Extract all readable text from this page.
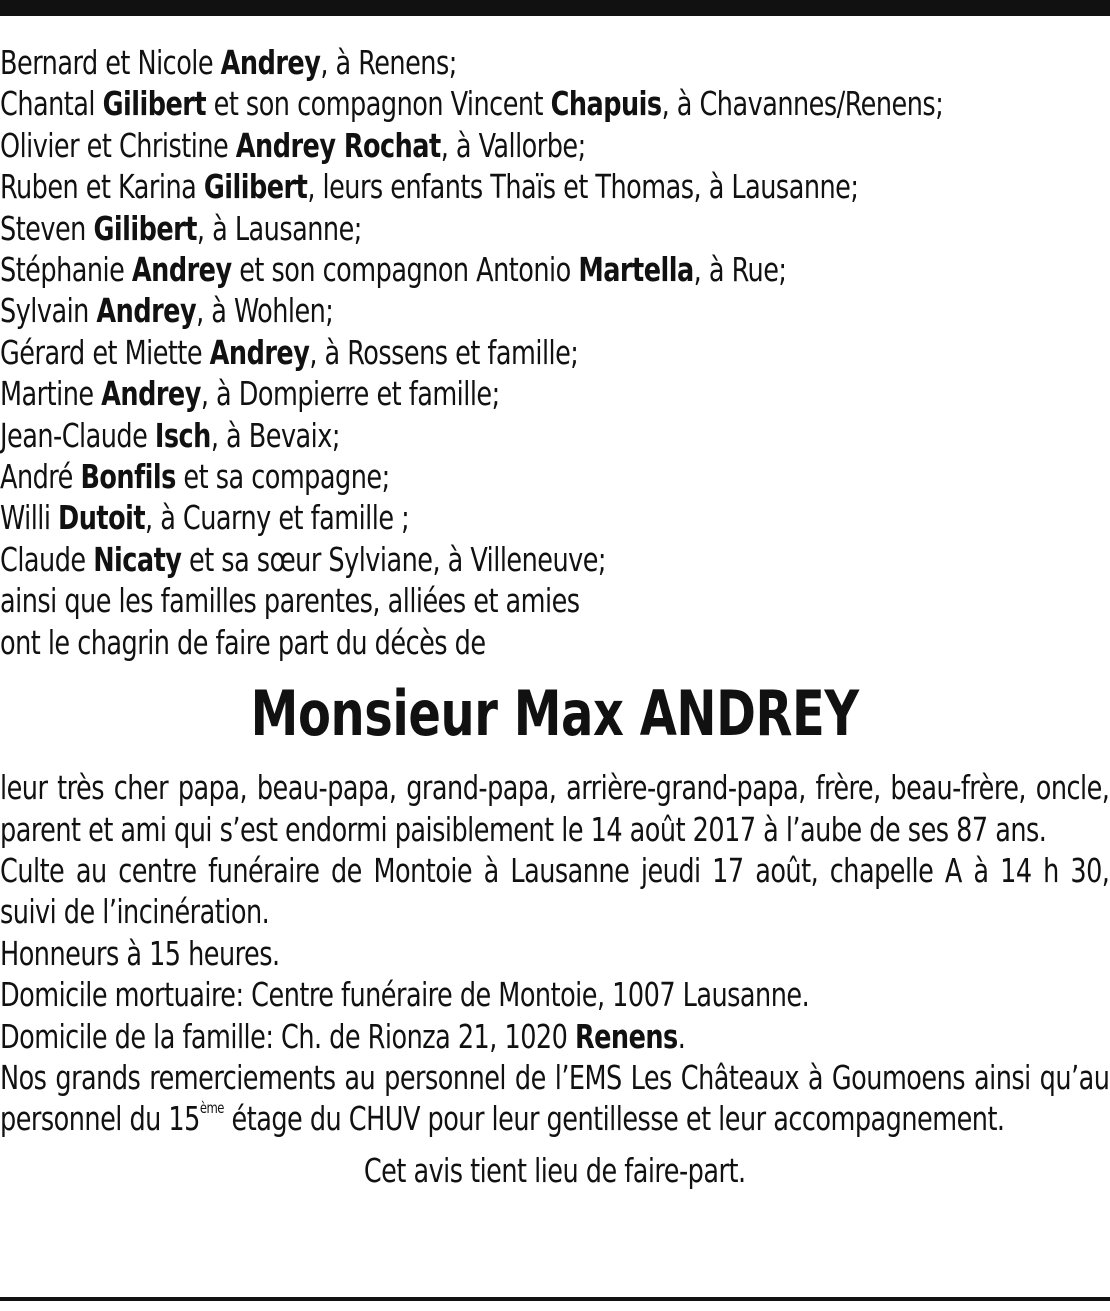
Bernard et Nicole Andrey, à Renens;
Chantal Gilibert et son compagnon Vincent Chapuis, à Chavannes/Renens;
Olivier et Christine Andrey Rochat, à Vallorbe;
Ruben et Karina Gilibert, leurs enfants Thaïs et Thomas, à Lausanne;
Steven Gilibert, à Lausanne;
Stéphanie Andrey et son compagnon Antonio Martella, à Rue;
Sylvain Andrey, à Wohlen;
Gérard et Miette Andrey, à Rossens et famille;
Martine Andrey, à Dompierre et famille;
Jean-Claude Isch, à Bevaix;
André Bonfils et sa compagne;
Willi Dutoit, à Cuarny et famille ;
Claude Nicaty et sa sœur Sylviane, à Villeneuve;
ainsi que les familles parentes, alliées et amies
ont le chagrin de faire part du décès de
Monsieur Max ANDREY
leur très cher papa, beau-papa, grand-papa, arrière-grand-papa, frère, beau-frère, oncle, parent et ami qui s’est endormi paisiblement le 14 août 2017 à l’aube de ses 87 ans.
Culte au centre funéraire de Montoie à Lausanne jeudi 17 août, chapelle A à 14 h 30, suivi de l’incinération.
Honneurs à 15 heures.
Domicile mortuaire: Centre funéraire de Montoie, 1007 Lausanne.
Domicile de la famille: Ch. de Rionza 21, 1020 Renens.
Nos grands remerciements au personnel de l’EMS Les Châteaux à Goumoens ainsi qu’au personnel du 15ème étage du CHUV pour leur gentillesse et leur accompagnement.
Cet avis tient lieu de faire-part.
